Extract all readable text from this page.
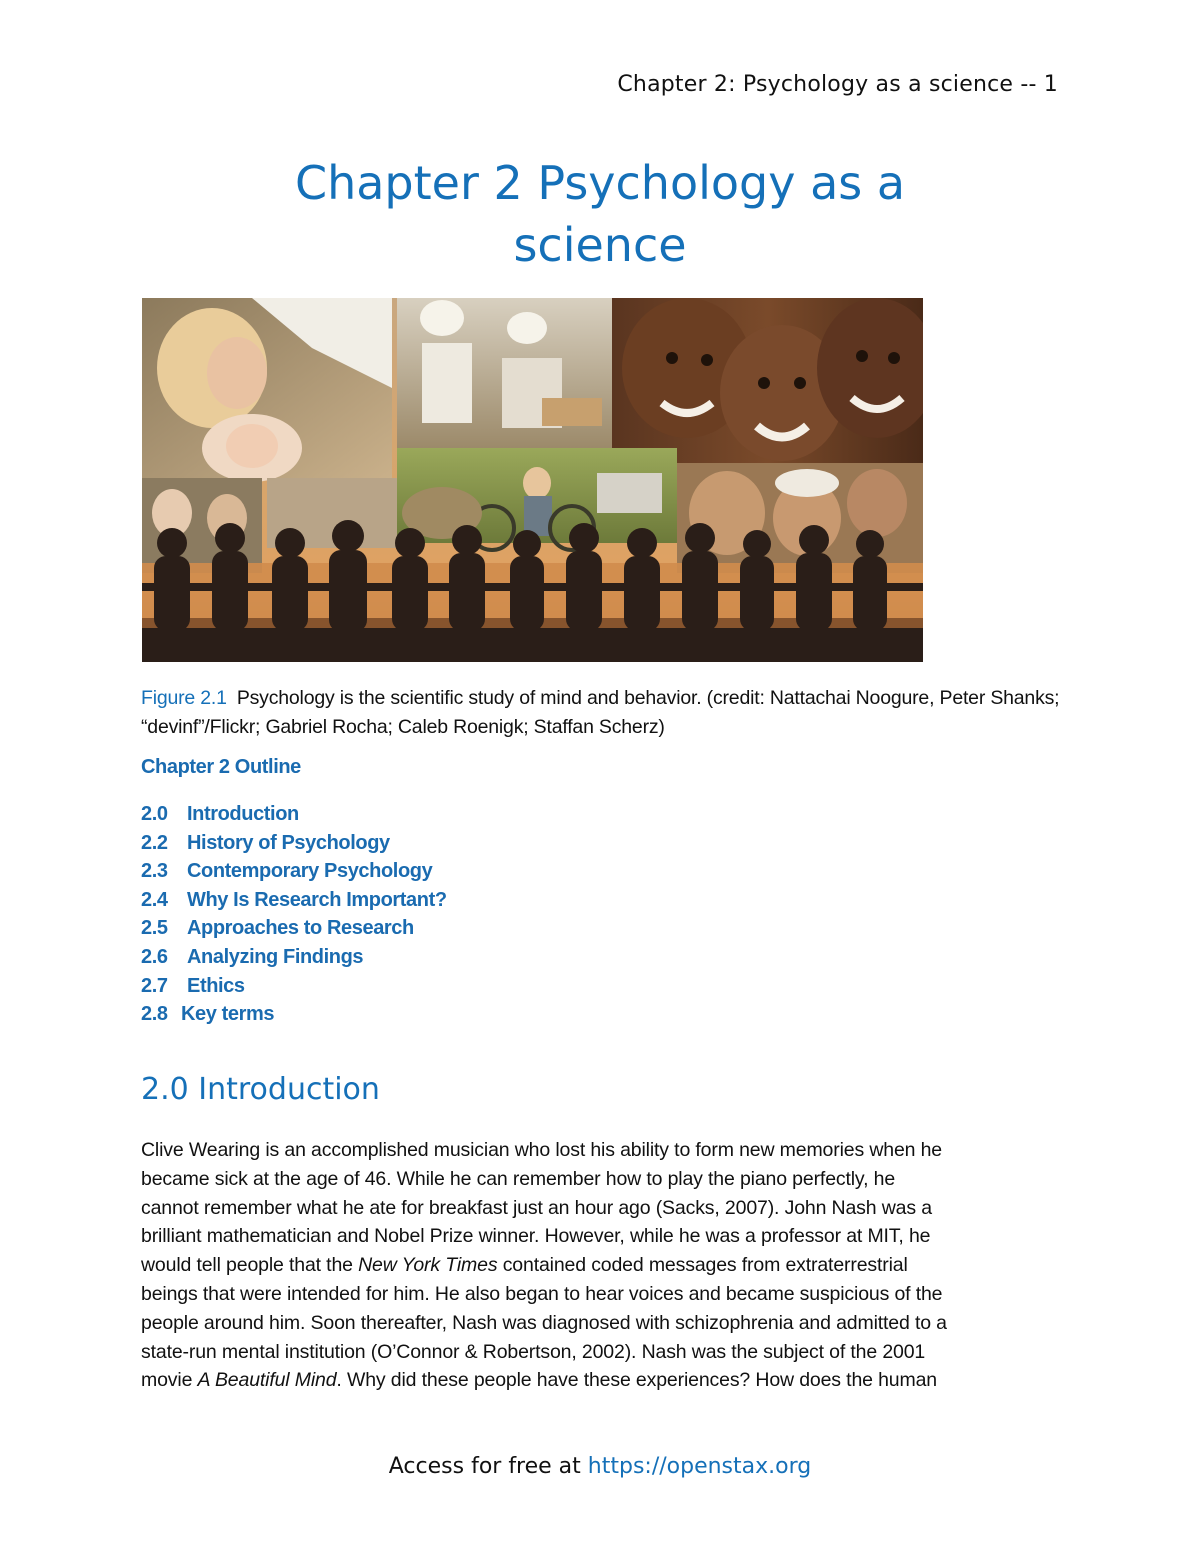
Chapter 2: Psychology as a science -- 1
Chapter 2 Psychology as a
science
Figure 2.1 Psychology is the scientific study of mind and behavior. (credit: Nattachai Noogure, Peter Shanks; “devinf”/Flickr; Gabriel Rocha; Caleb Roenigk; Staffan Scherz)
Chapter 2 Outline
2.0 Introduction
2.2 History of Psychology
2.3 Contemporary Psychology
2.4 Why Is Research Important?
2.5 Approaches to Research
2.6 Analyzing Findings
2.7 Ethics
2.8 Key terms
2.0 Introduction

Clive Wearing is an accomplished musician who lost his ability to form new memories when he
became sick at the age of 46. While he can remember how to play the piano perfectly, he
cannot remember what he ate for breakfast just an hour ago (Sacks, 2007). John Nash was a
brilliant mathematician and Nobel Prize winner. However, while he was a professor at MIT, he
would tell people that the New York Times contained coded messages from extraterrestrial
beings that were intended for him. He also began to hear voices and became suspicious of the
people around him. Soon thereafter, Nash was diagnosed with schizophrenia and admitted to a
state-run mental institution (O’Connor & Robertson, 2002). Nash was the subject of the 2001
movie A Beautiful Mind. Why did these people have these experiences? How does the human

Access for free at https://openstax.org
